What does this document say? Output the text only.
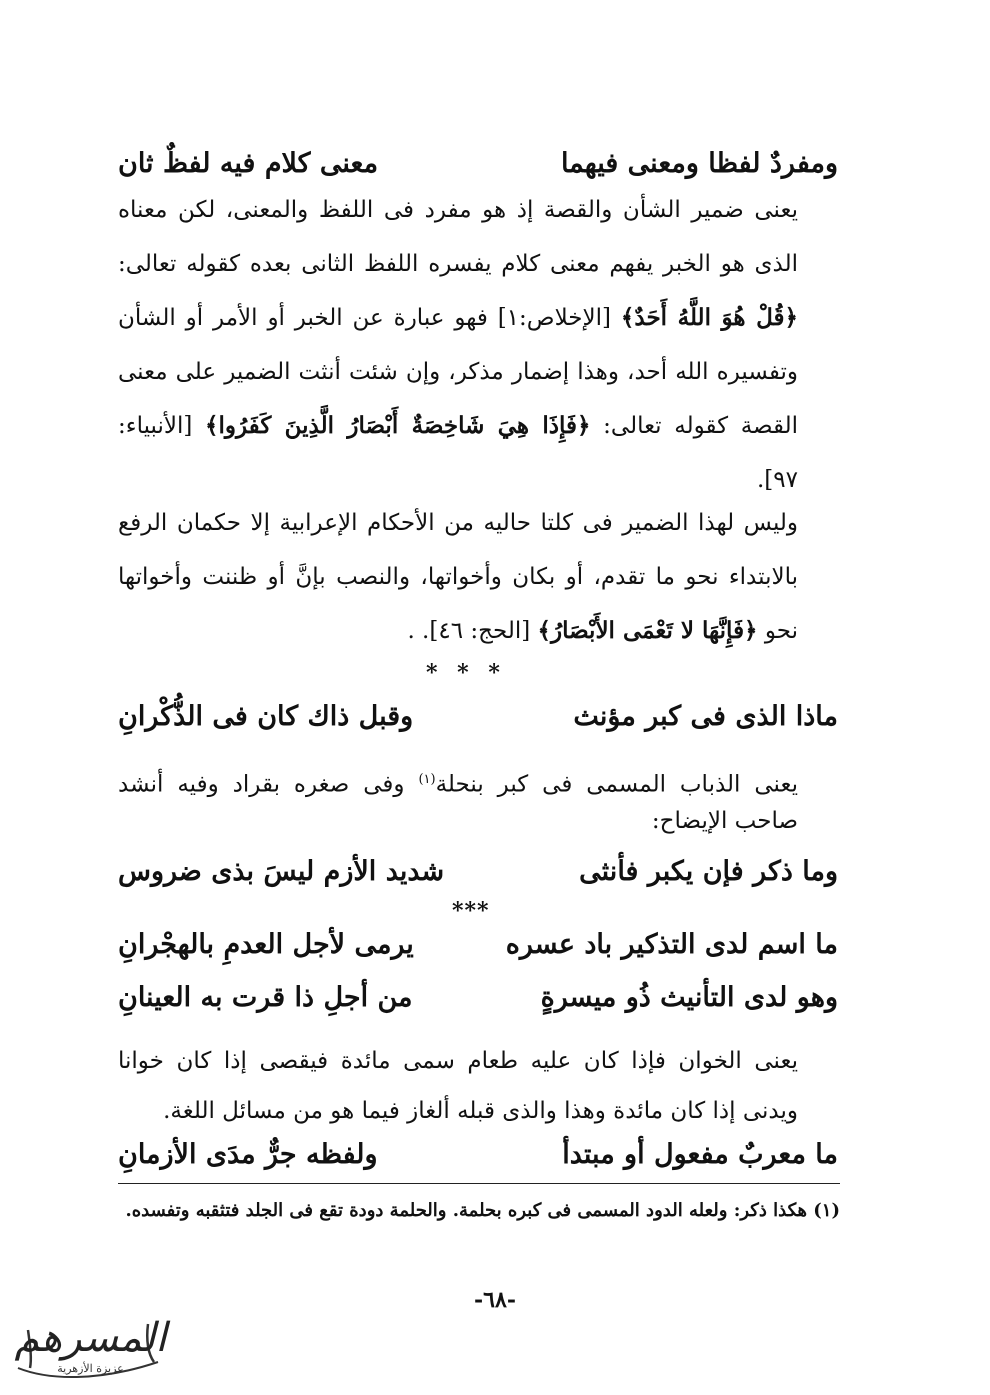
ومفردٌ لفظا ومعنى فيهما
معنى كلام فيه لفظٌ ثان

يعنى ضمير الشأن والقصة إذ هو مفرد فى اللفظ والمعنى، لكن معناه الذى هو الخبر يفهم معنى كلام يفسره اللفظ الثانى بعده كقوله تعالى: ﴿قُلْ هُوَ اللَّهُ أَحَدٌ﴾ [الإخلاص:١] فهو عبارة عن الخبر أو الأمر أو الشأن وتفسيره الله أحد، وهذا إضمار مذكر، وإن شئت أنثت الضمير على معنى القصة كقوله تعالى: ﴿فَإِذَا هِيَ شَاخِصَةٌ أَبْصَارُ الَّذِينَ كَفَرُوا﴾ [الأنبياء: ٩٧].

وليس لهذا الضمير فى كلتا حاليه من الأحكام الإعرابية إلا حكمان الرفع بالابتداء نحو ما تقدم، أو بكان وأخواتها، والنصب بإنَّ أو ظننت وأخواتها نحو ﴿فَإِنَّهَا لا تَعْمَى الأَبْصَارُ﴾ [الحج: ٤٦]. .

* * *
ماذا الذى فى كبر مؤنث
وقبل ذاك كان فى الذُّكْرانِ

يعنى الذباب المسمى فى كبر بنحلة$^{(١)}$ وفى صغره بقراد وفيه أنشد صاحب الإيضاح:

وما ذكر فإن يكبر فأنثى
شديد الأزم ليسَ بذى ضروس
***
ما اسم لدى التذكير باد عسره
يرمى لأجل العدمِ بالهجْرانِ
وهو لدى التأنيث ذُو ميسرةٍ
من أجلِ ذا قرت به العينانِ

يعنى الخوان فإذا كان عليه طعام سمى مائدة فيقصى إذا كان خوانا ويدنى إذا كان مائدة وهذا والذى قبله ألغاز فيما هو من مسائل اللغة.

ما معربٌ مفعول أو مبتدأ
ولفظه جرٌّ مدَى الأزمانِ
(١) هكذا ذكر: ولعله الدود المسمى فى كبره بحلمة. والحلمة دودة تقع فى الجلد فتثقبه وتفسده.
-٦٨-
المسرهم
عزيزة الأزهرية
